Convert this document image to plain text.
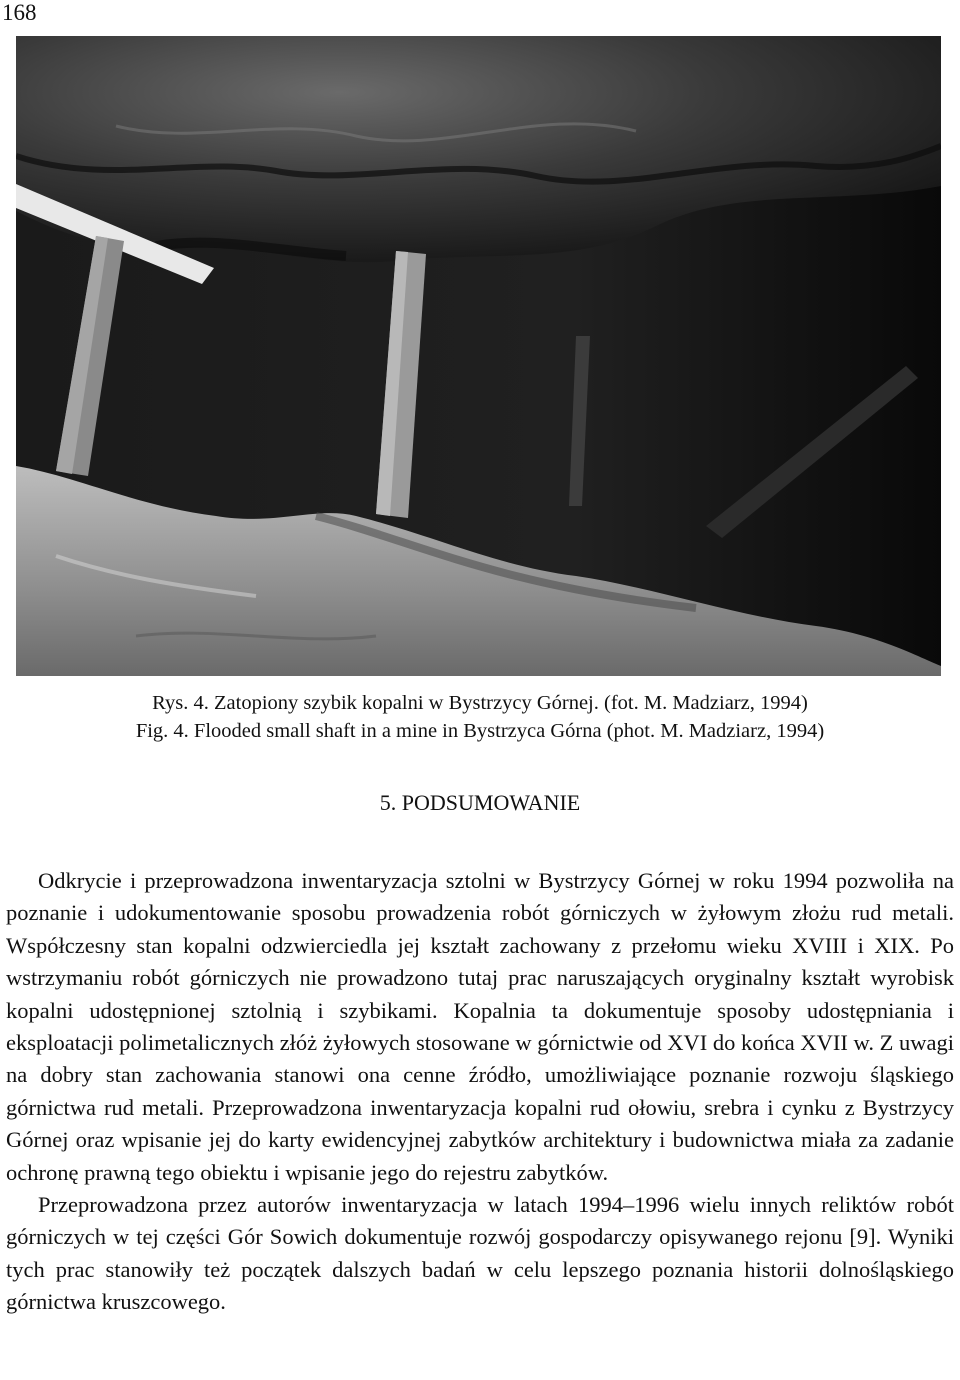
168
Rys. 4. Zatopiony szybik kopalni w Bystrzycy Górnej. (fot. M. Madziarz, 1994)
Fig. 4. Flooded small shaft in a mine in Bystrzyca Górna (phot. M. Madziarz, 1994)
5. PODSUMOWANIE

Odkrycie i przeprowadzona inwentaryzacja sztolni w Bystrzycy Górnej w roku 1994 pozwoliła na poznanie i udokumentowanie sposobu prowadzenia robót górniczych w żyłowym złożu rud metali. Współczesny stan kopalni odzwierciedla jej kształt zachowany z przełomu wieku XVIII i XIX. Po wstrzymaniu robót górniczych nie prowadzono tutaj prac naruszających oryginalny kształt wyrobisk kopalni udostępnionej sztolnią i szybikami. Kopalnia ta dokumentuje sposoby udostępniania i eksploatacji polimetalicznych złóż żyłowych stosowane w górnictwie od XVI do końca XVII w. Z uwagi na dobry stan zachowania stanowi ona cenne źródło, umożliwiające poznanie rozwoju śląskiego górnictwa rud metali. Przeprowadzona inwentaryzacja kopalni rud ołowiu, srebra i cynku z Bystrzycy Górnej oraz wpisanie jej do karty ewidencyjnej zabytków architektury i budownictwa miała za zadanie ochronę prawną tego obiektu i wpisanie jego do rejestru zabytków.

Przeprowadzona przez autorów inwentaryzacja w latach 1994–1996 wielu innych reliktów robót górniczych w tej części Gór Sowich dokumentuje rozwój gospodarczy opisywanego rejonu [9]. Wyniki tych prac stanowiły też początek dalszych badań w celu lepszego poznania historii dolnośląskiego górnictwa kruszcowego.
